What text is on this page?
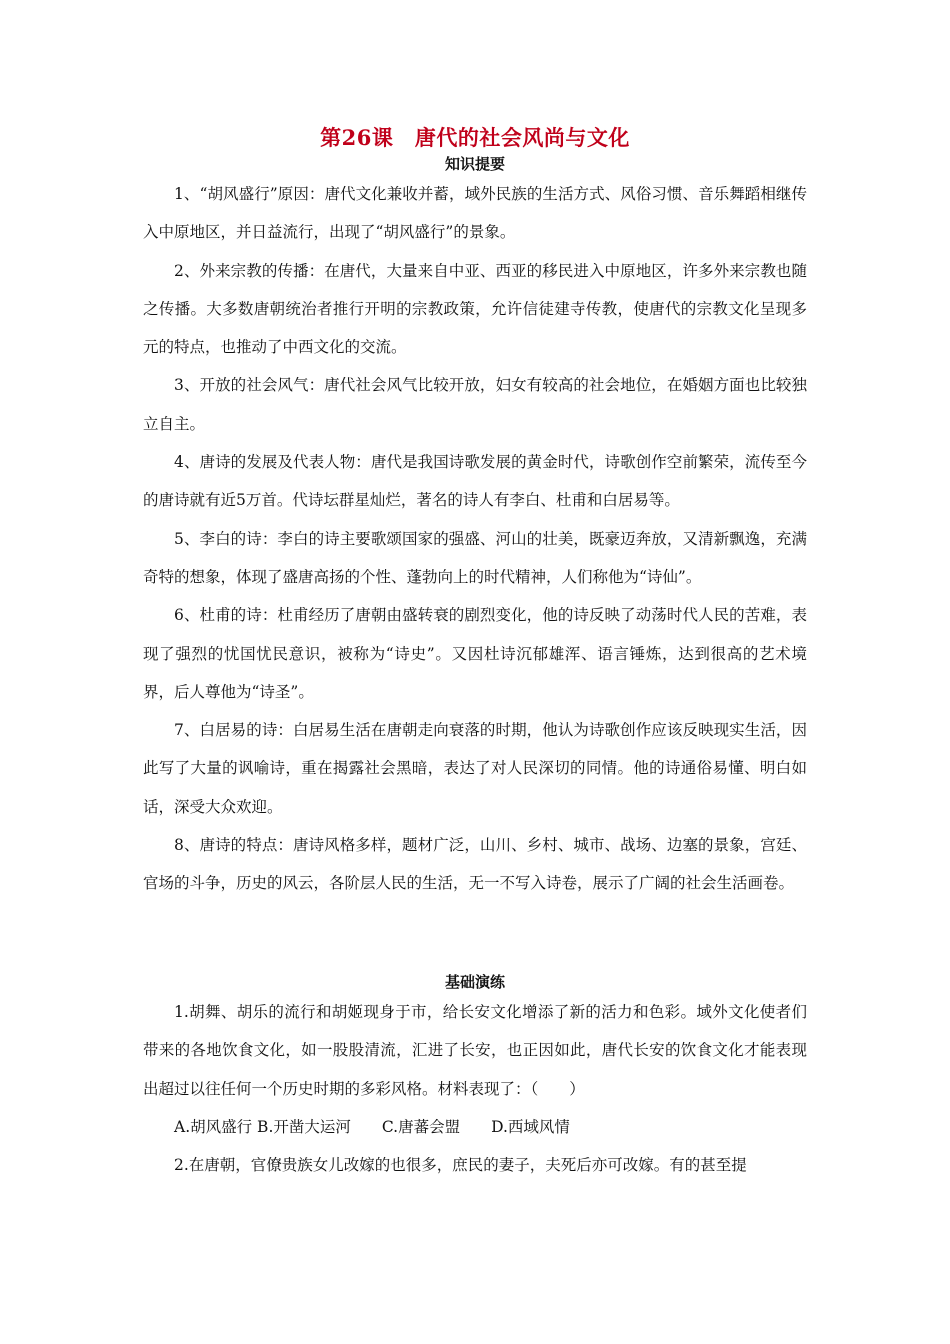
第26课　唐代的社会风尚与文化
知识提要

1、“胡风盛行”原因：唐代文化兼收并蓄，域外民族的生活方式、风俗习惯、音乐舞蹈相继传入中原地区，并日益流行，出现了“胡风盛行”的景象。

2、外来宗教的传播：在唐代，大量来自中亚、西亚的移民进入中原地区，许多外来宗教也随之传播。大多数唐朝统治者推行开明的宗教政策，允许信徒建寺传教，使唐代的宗教文化呈现多元的特点，也推动了中西文化的交流。

3、开放的社会风气：唐代社会风气比较开放，妇女有较高的社会地位，在婚姻方面也比较独立自主。

4、唐诗的发展及代表人物：唐代是我国诗歌发展的黄金时代，诗歌创作空前繁荣，流传至今的唐诗就有近5万首。代诗坛群星灿烂，著名的诗人有李白、杜甫和白居易等。

5、李白的诗：李白的诗主要歌颂国家的强盛、河山的壮美，既豪迈奔放，又清新飘逸，充满奇特的想象，体现了盛唐高扬的个性、蓬勃向上的时代精神，人们称他为“诗仙”。

6、杜甫的诗：杜甫经历了唐朝由盛转衰的剧烈变化，他的诗反映了动荡时代人民的苦难，表现了强烈的忧国忧民意识，被称为“诗史”。又因杜诗沉郁雄浑、语言锤炼，达到很高的艺术境界，后人尊他为“诗圣”。

7、白居易的诗：白居易生活在唐朝走向衰落的时期，他认为诗歌创作应该反映现实生活，因此写了大量的讽喻诗，重在揭露社会黑暗，表达了对人民深切的同情。他的诗通俗易懂、明白如话，深受大众欢迎。

8、唐诗的特点：唐诗风格多样，题材广泛，山川、乡村、城市、战场、边塞的景象，宫廷、官场的斗争，历史的风云，各阶层人民的生活，无一不写入诗卷，展示了广阔的社会生活画卷。

基础演练

1.胡舞、胡乐的流行和胡姬现身于市，给长安文化增添了新的活力和色彩。域外文化使者们带来的各地饮食文化，如一股股清流，汇进了长安，也正因如此，唐代长安的饮食文化才能表现出超过以往任何一个历史时期的多彩风格。材料表现了：（　　）

A.胡风盛行 B.开凿大运河　　C.唐蕃会盟　　D.西域风情

2.在唐朝，官僚贵族女儿改嫁的也很多，庶民的妻子，夫死后亦可改嫁。有的甚至提
